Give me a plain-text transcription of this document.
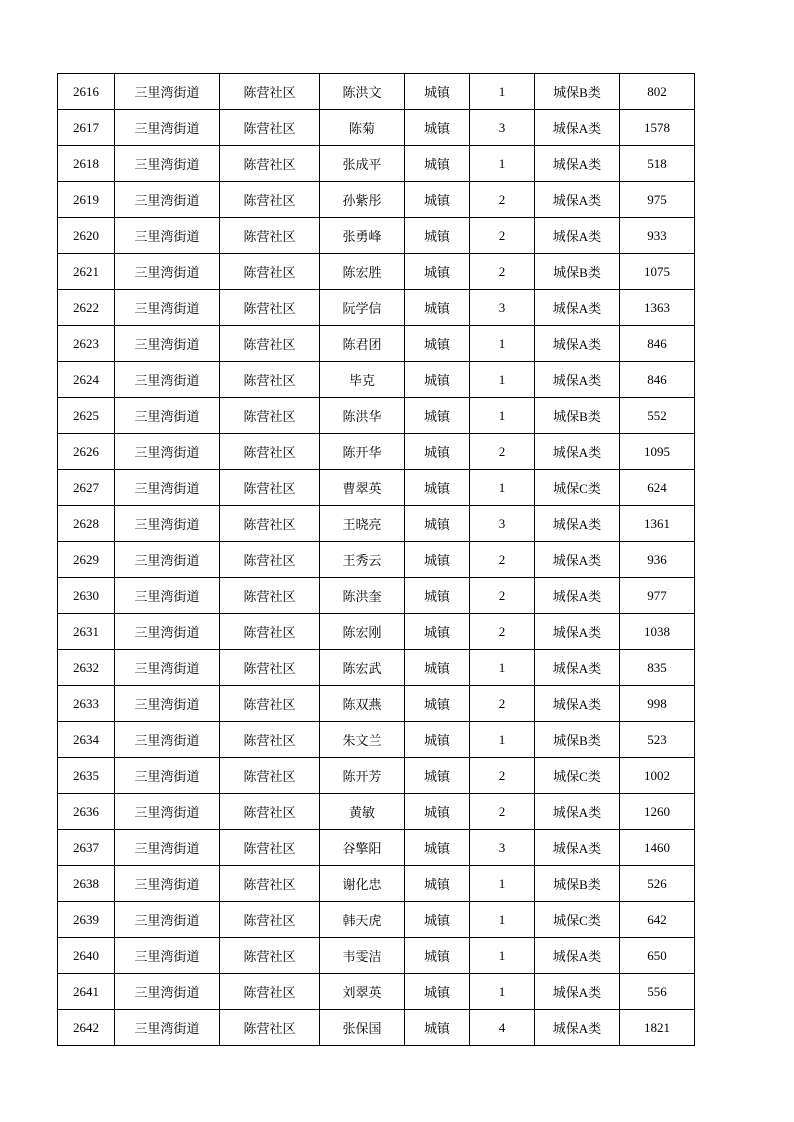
2616	三里湾街道	陈营社区	陈洪文	城镇	1	城保B类	802
2617	三里湾街道	陈营社区	陈菊	城镇	3	城保A类	1578
2618	三里湾街道	陈营社区	张成平	城镇	1	城保A类	518
2619	三里湾街道	陈营社区	孙紫彤	城镇	2	城保A类	975
2620	三里湾街道	陈营社区	张勇峰	城镇	2	城保A类	933
2621	三里湾街道	陈营社区	陈宏胜	城镇	2	城保B类	1075
2622	三里湾街道	陈营社区	阮学信	城镇	3	城保A类	1363
2623	三里湾街道	陈营社区	陈君团	城镇	1	城保A类	846
2624	三里湾街道	陈营社区	毕克	城镇	1	城保A类	846
2625	三里湾街道	陈营社区	陈洪华	城镇	1	城保B类	552
2626	三里湾街道	陈营社区	陈开华	城镇	2	城保A类	1095
2627	三里湾街道	陈营社区	曹翠英	城镇	1	城保C类	624
2628	三里湾街道	陈营社区	王晓亮	城镇	3	城保A类	1361
2629	三里湾街道	陈营社区	王秀云	城镇	2	城保A类	936
2630	三里湾街道	陈营社区	陈洪奎	城镇	2	城保A类	977
2631	三里湾街道	陈营社区	陈宏刚	城镇	2	城保A类	1038
2632	三里湾街道	陈营社区	陈宏武	城镇	1	城保A类	835
2633	三里湾街道	陈营社区	陈双燕	城镇	2	城保A类	998
2634	三里湾街道	陈营社区	朱文兰	城镇	1	城保B类	523
2635	三里湾街道	陈营社区	陈开芳	城镇	2	城保C类	1002
2636	三里湾街道	陈营社区	黄敏	城镇	2	城保A类	1260
2637	三里湾街道	陈营社区	谷擎阳	城镇	3	城保A类	1460
2638	三里湾街道	陈营社区	谢化忠	城镇	1	城保B类	526
2639	三里湾街道	陈营社区	韩天虎	城镇	1	城保C类	642
2640	三里湾街道	陈营社区	韦雯洁	城镇	1	城保A类	650
2641	三里湾街道	陈营社区	刘翠英	城镇	1	城保A类	556
2642	三里湾街道	陈营社区	张保国	城镇	4	城保A类	1821
